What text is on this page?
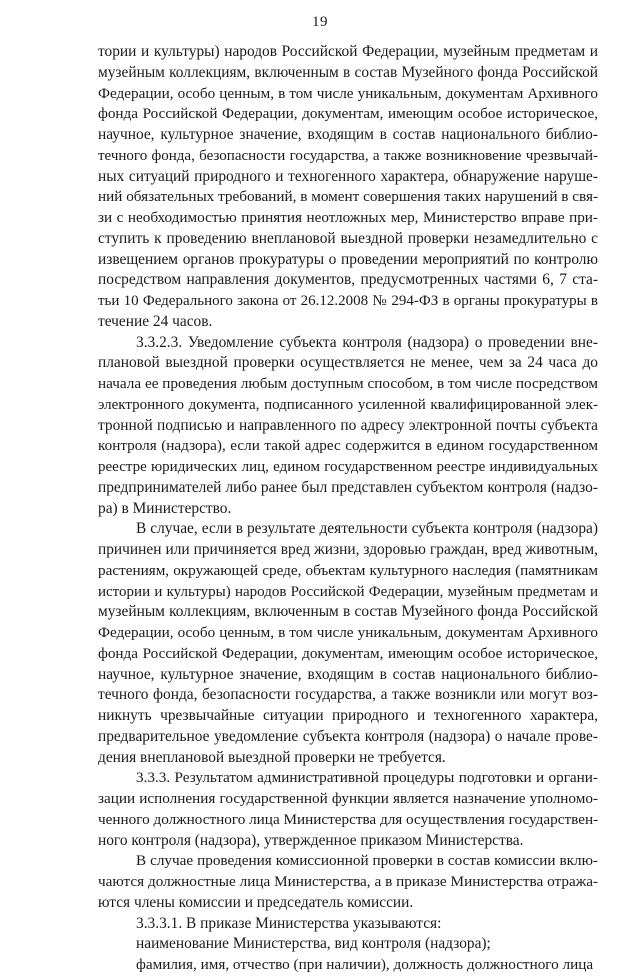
19
тории и культуры) народов Российской Федерации, музейным предметам и
музейным коллекциям, включенным в состав Музейного фонда Российской
Федерации, особо ценным, в том числе уникальным, документам Архивного
фонда Российской Федерации, документам, имеющим особое историческое,
научное, культурное значение, входящим в состав национального библио-
течного фонда, безопасности государства, а также возникновение чрезвычай-
ных ситуаций природного и техногенного характера, обнаружение наруше-
ний обязательных требований, в момент совершения таких нарушений в свя-
зи с необходимостью принятия неотложных мер, Министерство вправе при-
ступить к проведению внеплановой выездной проверки незамедлительно с
извещением органов прокуратуры о проведении мероприятий по контролю
посредством направления документов, предусмотренных частями 6, 7 ста-
тьи 10 Федерального закона от 26.12.2008 № 294-ФЗ в органы прокуратуры в
течение 24 часов.
3.3.2.3. Уведомление субъекта контроля (надзора) о проведении вне-
плановой выездной проверки осуществляется не менее, чем за 24 часа до
начала ее проведения любым доступным способом, в том числе посредством
электронного документа, подписанного усиленной квалифицированной элек-
тронной подписью и направленного по адресу электронной почты субъекта
контроля (надзора), если такой адрес содержится в едином государственном
реестре юридических лиц, едином государственном реестре индивидуальных
предпринимателей либо ранее был представлен субъектом контроля (надзо-
ра) в Министерство.
В случае, если в результате деятельности субъекта контроля (надзора)
причинен или причиняется вред жизни, здоровью граждан, вред животным,
растениям, окружающей среде, объектам культурного наследия (памятникам
истории и культуры) народов Российской Федерации, музейным предметам и
музейным коллекциям, включенным в состав Музейного фонда Российской
Федерации, особо ценным, в том числе уникальным, документам Архивного
фонда Российской Федерации, документам, имеющим особое историческое,
научное, культурное значение, входящим в состав национального библио-
течного фонда, безопасности государства, а также возникли или могут воз-
никнуть чрезвычайные ситуации природного и техногенного характера,
предварительное уведомление субъекта контроля (надзора) о начале прове-
дения внеплановой выездной проверки не требуется.
3.3.3. Результатом административной процедуры подготовки и органи-
зации исполнения государственной функции является назначение уполномо-
ченного должностного лица Министерства для осуществления государствен-
ного контроля (надзора), утвержденное приказом Министерства.
В случае проведения комиссионной проверки в состав комиссии вклю-
чаются должностные лица Министерства, а в приказе Министерства отража-
ются члены комиссии и председатель комиссии.
3.3.3.1. В приказе Министерства указываются:
наименование Министерства, вид контроля (надзора);
фамилия, имя, отчество (при наличии), должность должностного лица
